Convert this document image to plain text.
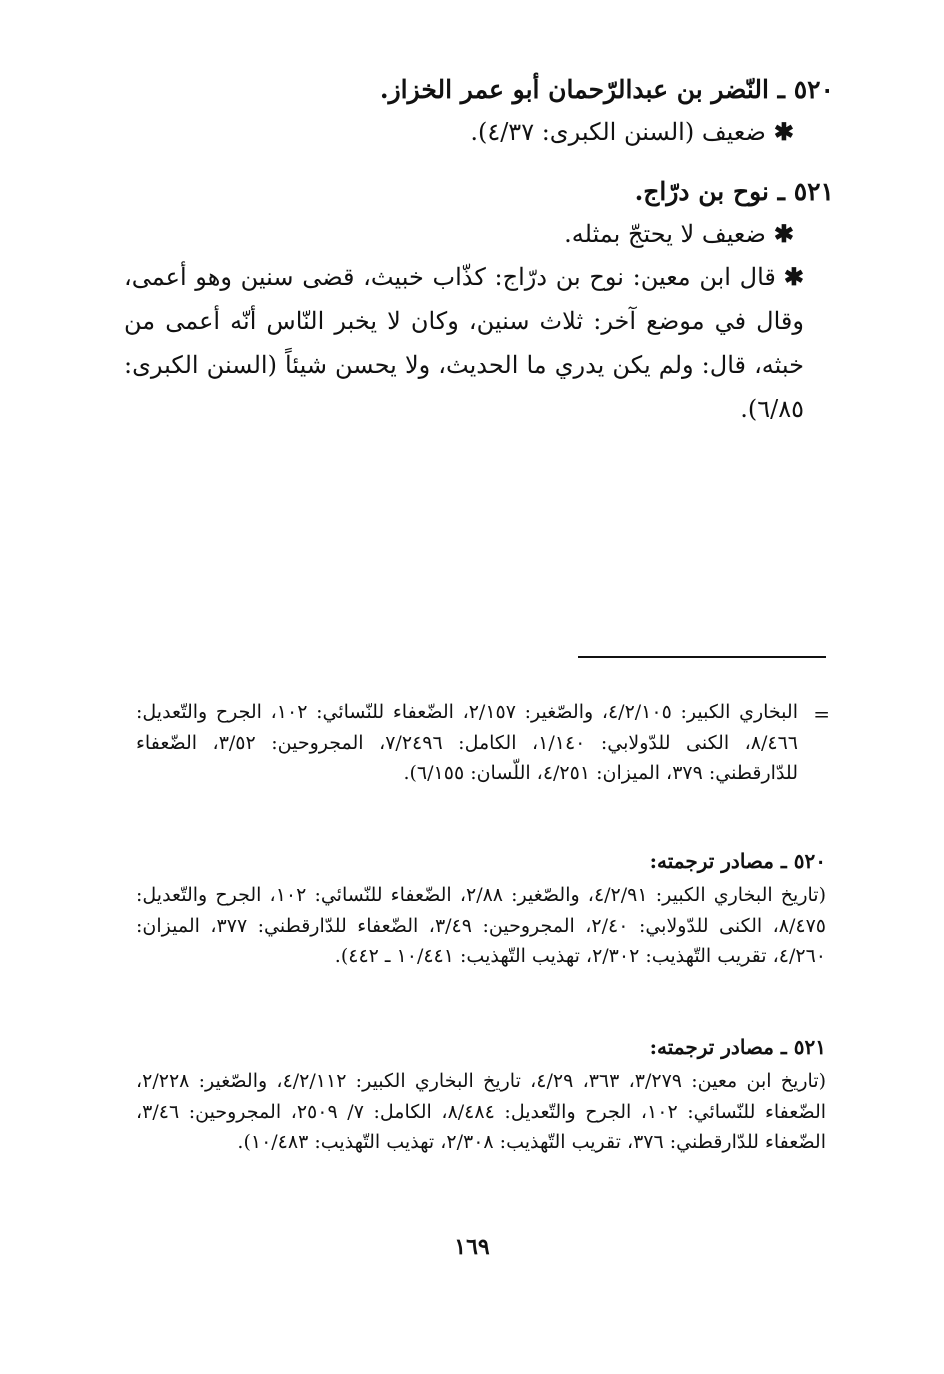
٥٢٠ ـ النّضر بن عبدالرّحمان أبو عمر الخزاز.
✱ضعيف (السنن الكبرى: ٤/٣٧).
٥٢١ ـ نوح بن درّاج.
✱ضعيف لا يحتجّ بمثله.
✱قال ابن معين: نوح بن درّاج: كذّاب خبيث، قضى سنين وهو أعمى، وقال في موضع آخر: ثلاث سنين، وكان لا يخبر النّاس أنّه أعمى من خبثه، قال: ولم يكن يدري ما الحديث، ولا يحسن شيئاً (السنن الكبرى: ٦/٨٥).
=
البخاري الكبير: ٤/٢/١٠٥، والصّغير: ٢/١٥٧، الضّعفاء للنّسائي: ١٠٢، الجرح والتّعديل: ٨/٤٦٦، الكنى للدّولابي: ١/١٤٠، الكامل: ٧/٢٤٩٦، المجروحين: ٣/٥٢، الضّعفاء للدّارقطني: ٣٧٩، الميزان: ٤/٢٥١، اللّسان: ٦/١٥٥).
٥٢٠ ـ مصادر ترجمته:
(تاريخ البخاري الكبير: ٤/٢/٩١، والصّغير: ٢/٨٨، الضّعفاء للنّسائي: ١٠٢، الجرح والتّعديل: ٨/٤٧٥، الكنى للدّولابي: ٢/٤٠، المجروحين: ٣/٤٩، الضّعفاء للدّارقطني: ٣٧٧، الميزان: ٤/٢٦٠، تقريب التّهذيب: ٢/٣٠٢، تهذيب التّهذيب: ١٠/٤٤١ ـ ٤٤٢).
٥٢١ ـ مصادر ترجمته:
(تاريخ ابن معين: ٣/٢٧٩، ٣٦٣، ٤/٢٩، تاريخ البخاري الكبير: ٤/٢/١١٢، والصّغير: ٢/٢٢٨، الضّعفاء للنّسائي: ١٠٢، الجرح والتّعديل: ٨/٤٨٤، الكامل: ٧/ ٢٥٠٩، المجروحين: ٣/٤٦، الضّعفاء للدّارقطني: ٣٧٦، تقريب التّهذيب: ٢/٣٠٨، تهذيب التّهذيب: ١٠/٤٨٣).
١٦٩
